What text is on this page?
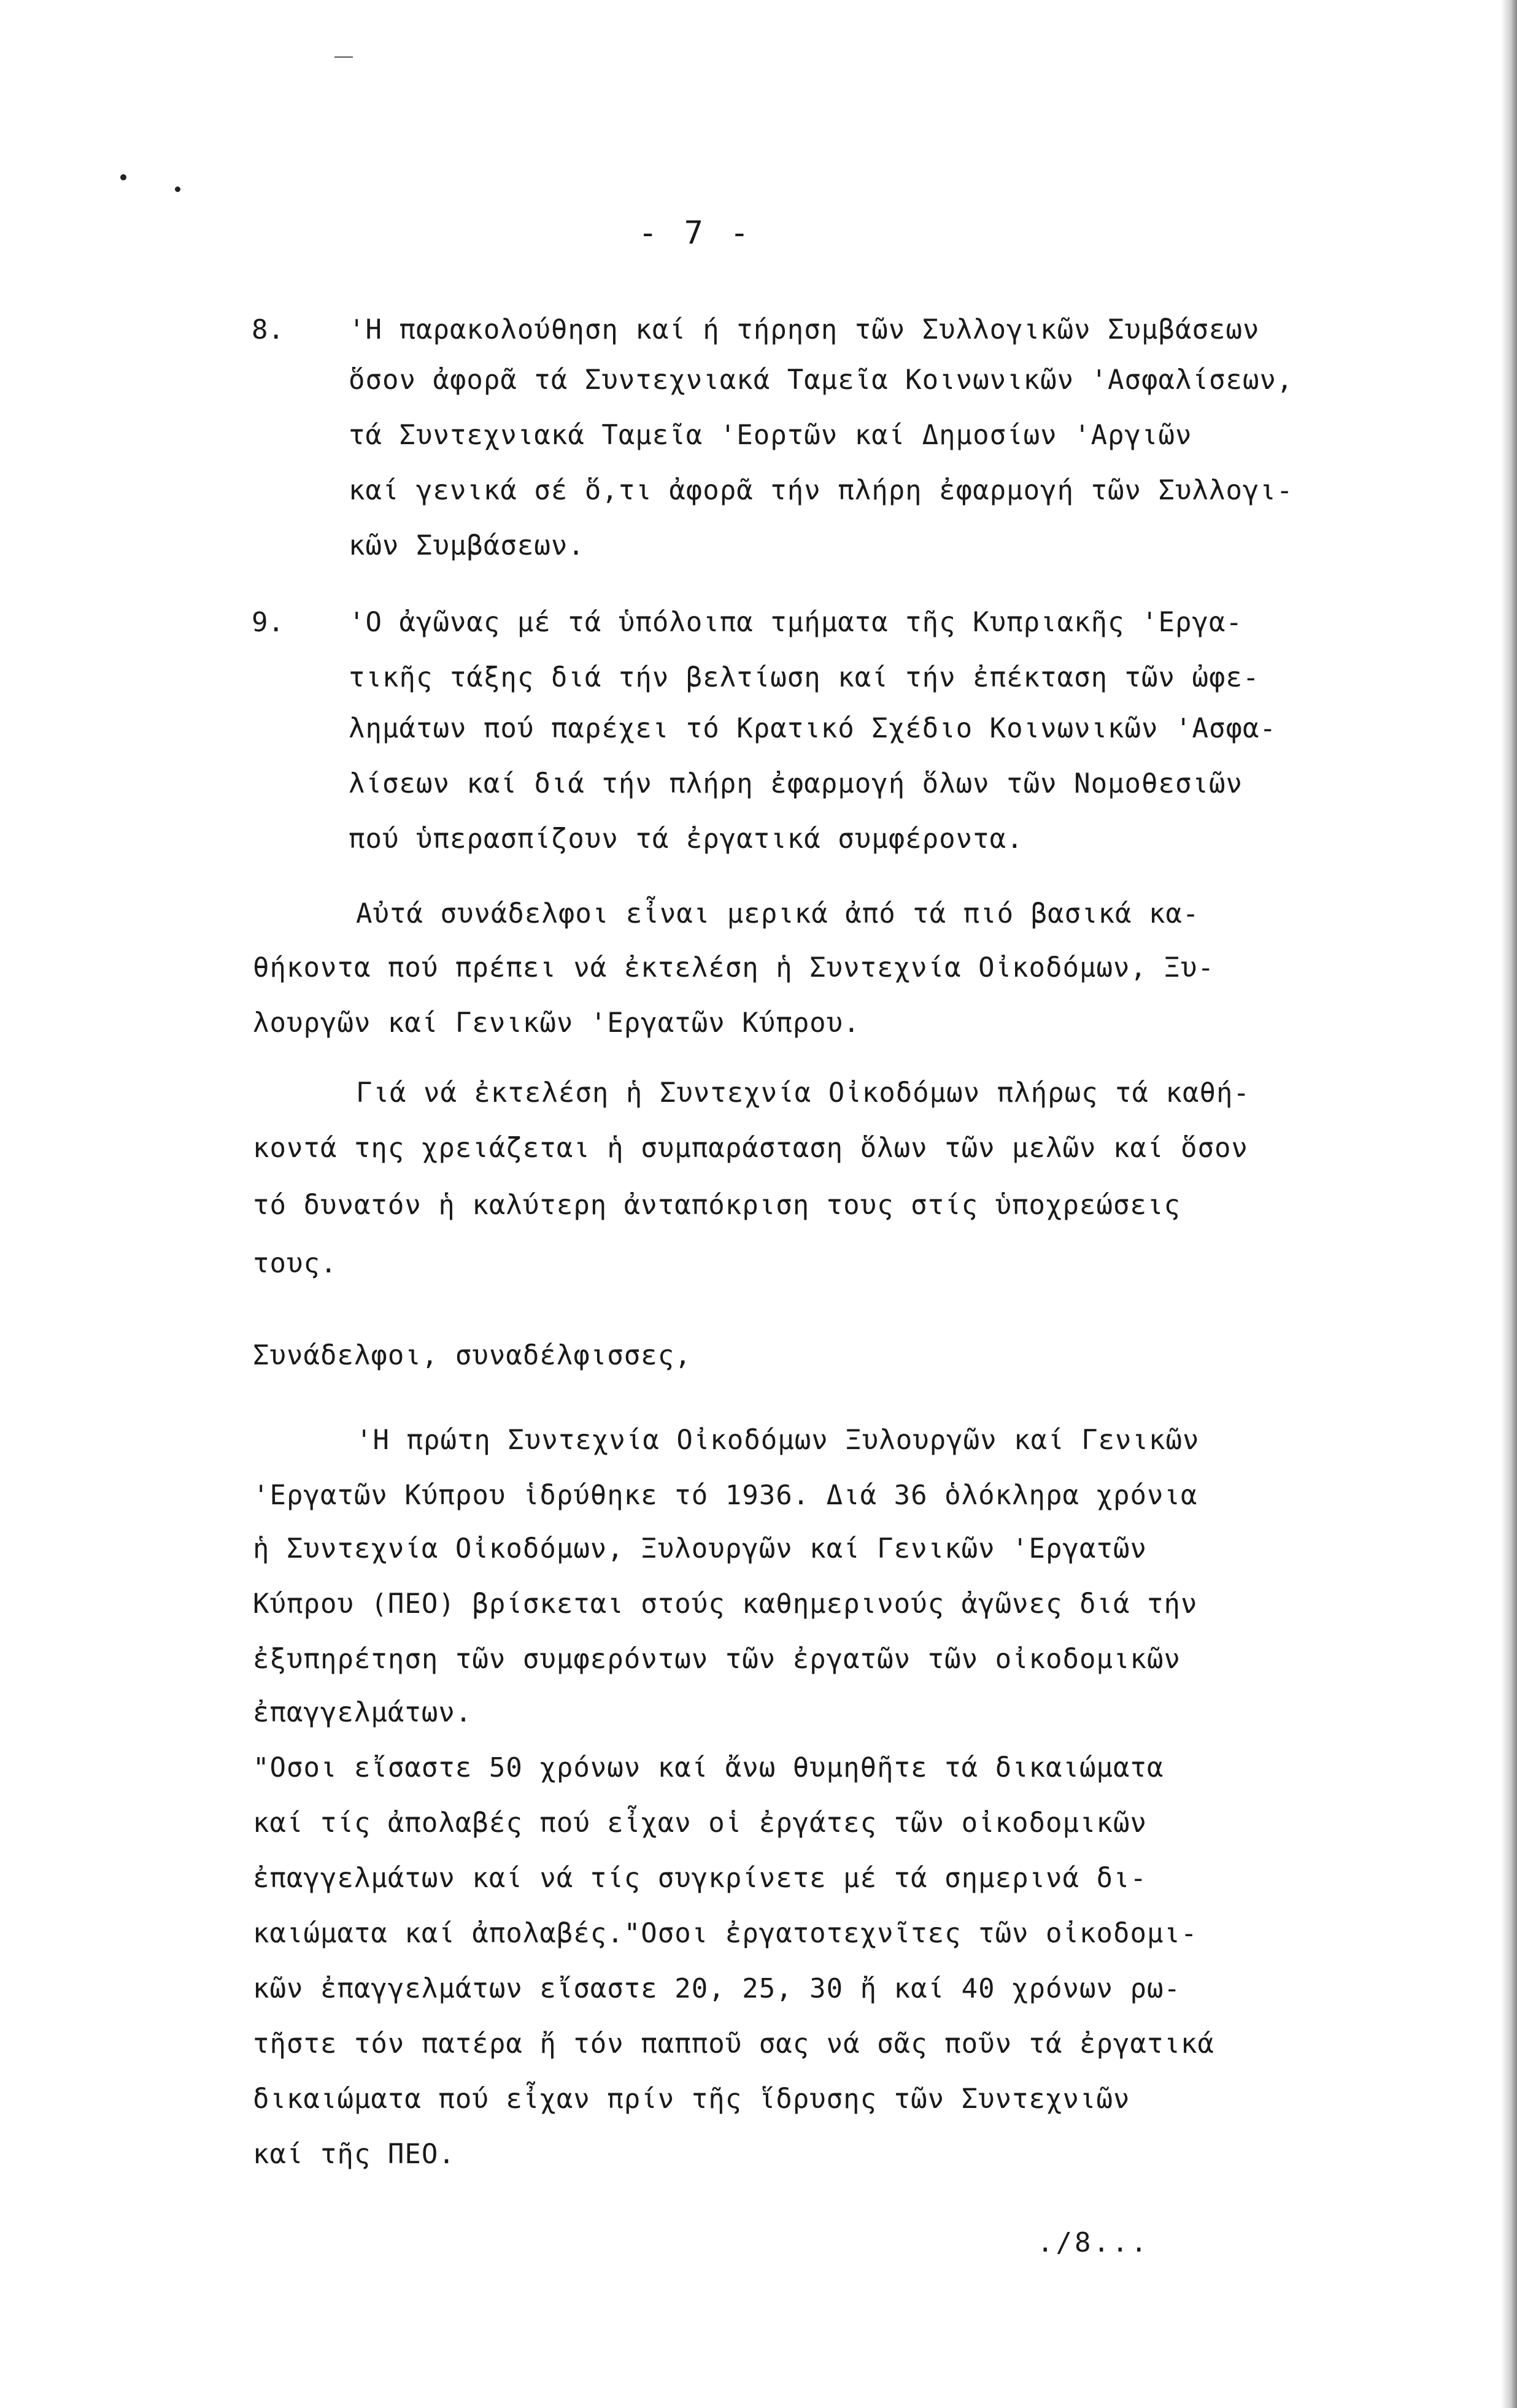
- 7 -
8. 'Η παρακολούθηση καί ή τήρηση τῶν Συλλογικῶν Συμβάσεων
ὅσον ἀφορᾶ τά Συντεχνιακά Ταμεῖα Κοινωνικῶν 'Ασφαλίσεων,
τά Συντεχνιακά Ταμεῖα 'Εορτῶν καί Δημοσίων 'Αργιῶν
καί γενικά σέ ὅ,τι ἀφορᾶ τήν πλήρη ἐφαρμογή τῶν Συλλογι-
κῶν Συμβάσεων.
9. 'Ο ἀγῶνας μέ τά ὑπόλοιπα τμήματα τῆς Κυπριακῆς 'Εργα-
τικῆς τάξης διά τήν βελτίωση καί τήν ἐπέκταση τῶν ὠφε-
λημάτων πού παρέχει τό Κρατικό Σχέδιο Κοινωνικῶν 'Ασφα-
λίσεων καί διά τήν πλήρη ἐφαρμογή ὅλων τῶν Νομοθεσιῶν
πού ὑπερασπίζουν τά ἐργατικά συμφέροντα.
Αὐτά συνάδελφοι εἶναι μερικά ἀπό τά πιό βασικά κα-
θήκοντα πού πρέπει νά ἐκτελέση ἡ Συντεχνία Οἰκοδόμων, Ξυ-
λουργῶν καί Γενικῶν 'Εργατῶν Κύπρου.
Γιά νά ἐκτελέση ἡ Συντεχνία Οἰκοδόμων πλήρως τά καθή-
κοντά της χρειάζεται ἡ συμπαράσταση ὅλων τῶν μελῶν καί ὅσον
τό δυνατόν ἡ καλύτερη ἀνταπόκριση τους στίς ὑποχρεώσεις
τους.
Συνάδελφοι, συναδέλφισσες,
'Η πρώτη Συντεχνία Οἰκοδόμων Ξυλουργῶν καί Γενικῶν
'Εργατῶν Κύπρου ἱδρύθηκε τό 1936. Διά 36 ὁλόκληρα χρόνια
ἡ Συντεχνία Οἰκοδόμων, Ξυλουργῶν καί Γενικῶν 'Εργατῶν
Κύπρου (ΠΕΟ) βρίσκεται στούς καθημερινούς ἀγῶνες διά τήν
ἐξυπηρέτηση τῶν συμφερόντων τῶν ἐργατῶν τῶν οἰκοδομικῶν
ἐπαγγελμάτων.
"Οσοι εἴσαστε 50 χρόνων καί ἄνω θυμηθῆτε τά δικαιώματα
καί τίς ἀπολαβές πού εἶχαν οἱ ἐργάτες τῶν οἰκοδομικῶν
ἐπαγγελμάτων καί νά τίς συγκρίνετε μέ τά σημερινά δι-
καιώματα καί ἀπολαβές."Οσοι ἐργατοτεχνῖτες τῶν οἰκοδομι-
κῶν ἐπαγγελμάτων εἴσαστε 20, 25, 30 ἤ καί 40 χρόνων ρω-
τῆστε τόν πατέρα ἤ τόν παπποῦ σας νά σᾶς ποῦν τά ἐργατικά
δικαιώματα πού εἶχαν πρίν τῆς ἵδρυσης τῶν Συντεχνιῶν
καί τῆς ΠΕΟ.
./8...
